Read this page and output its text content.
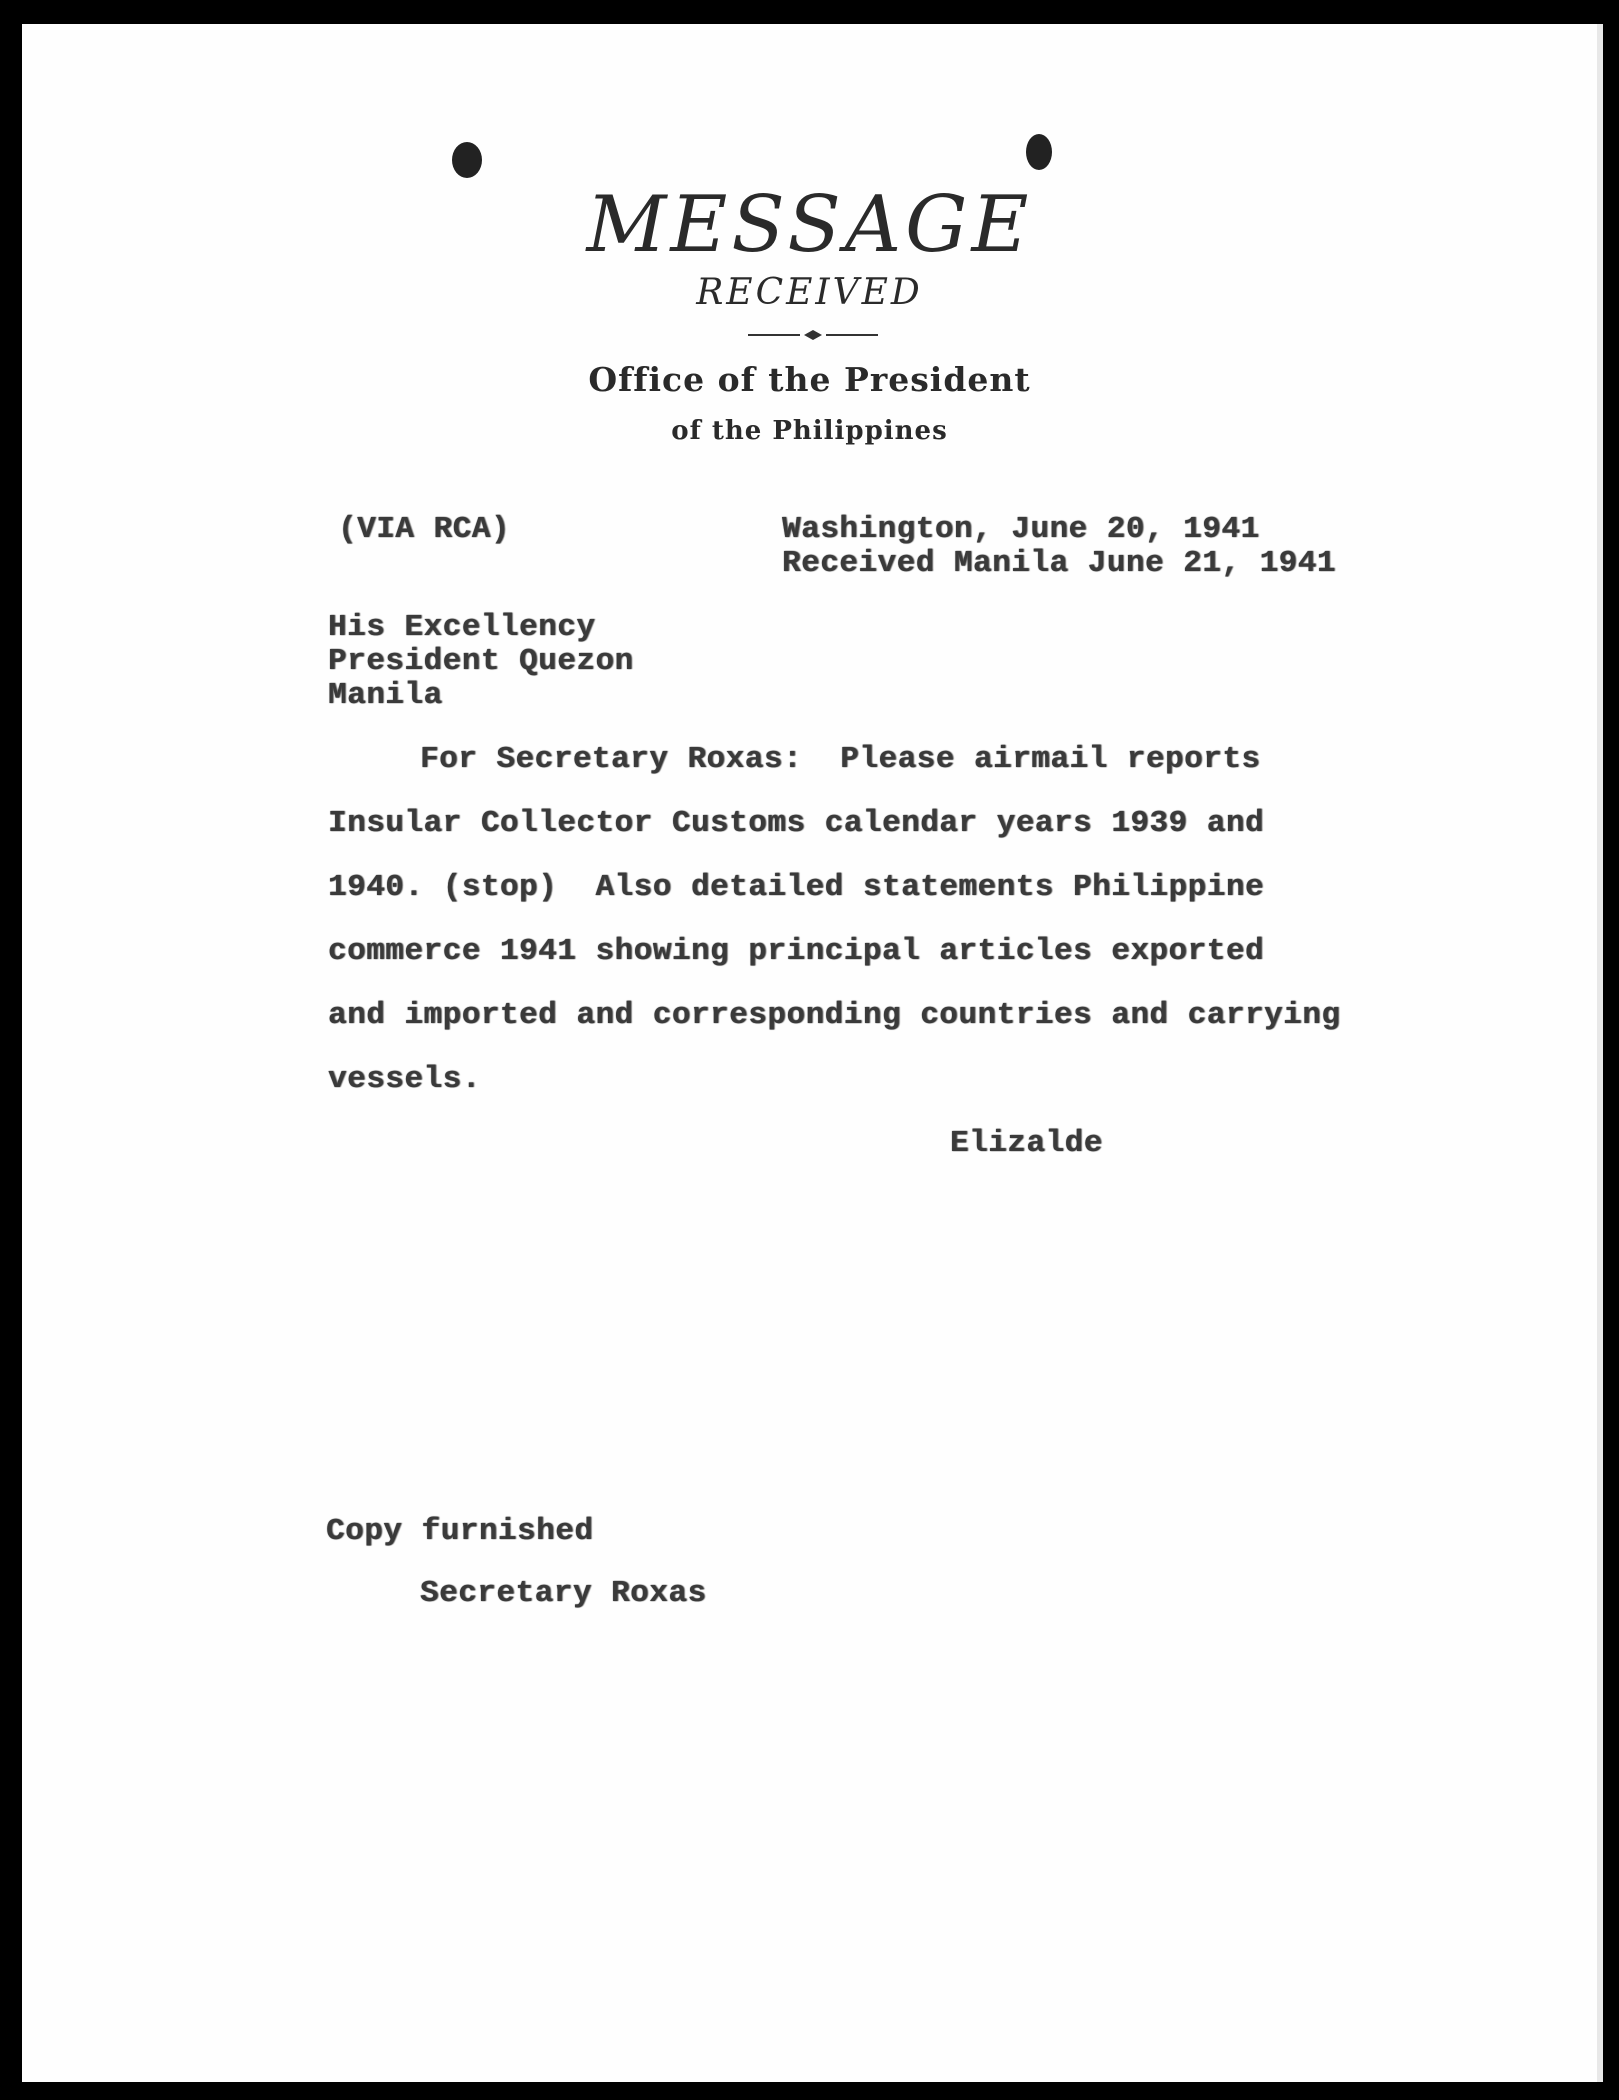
MESSAGE
RECEIVED
Office of the President
of the Philippines
(VIA RCA)	Washington, June 20, 1941
Received Manila June 21, 1941
His Excellency
President Quezon
Manila
For Secretary Roxas:  Please airmail reports
Insular Collector Customs calendar years 1939 and
1940. (stop)  Also detailed statements Philippine
commerce 1941 showing principal articles exported
and imported and corresponding countries and carrying
vessels.
Elizalde
Copy furnished
Secretary Roxas
